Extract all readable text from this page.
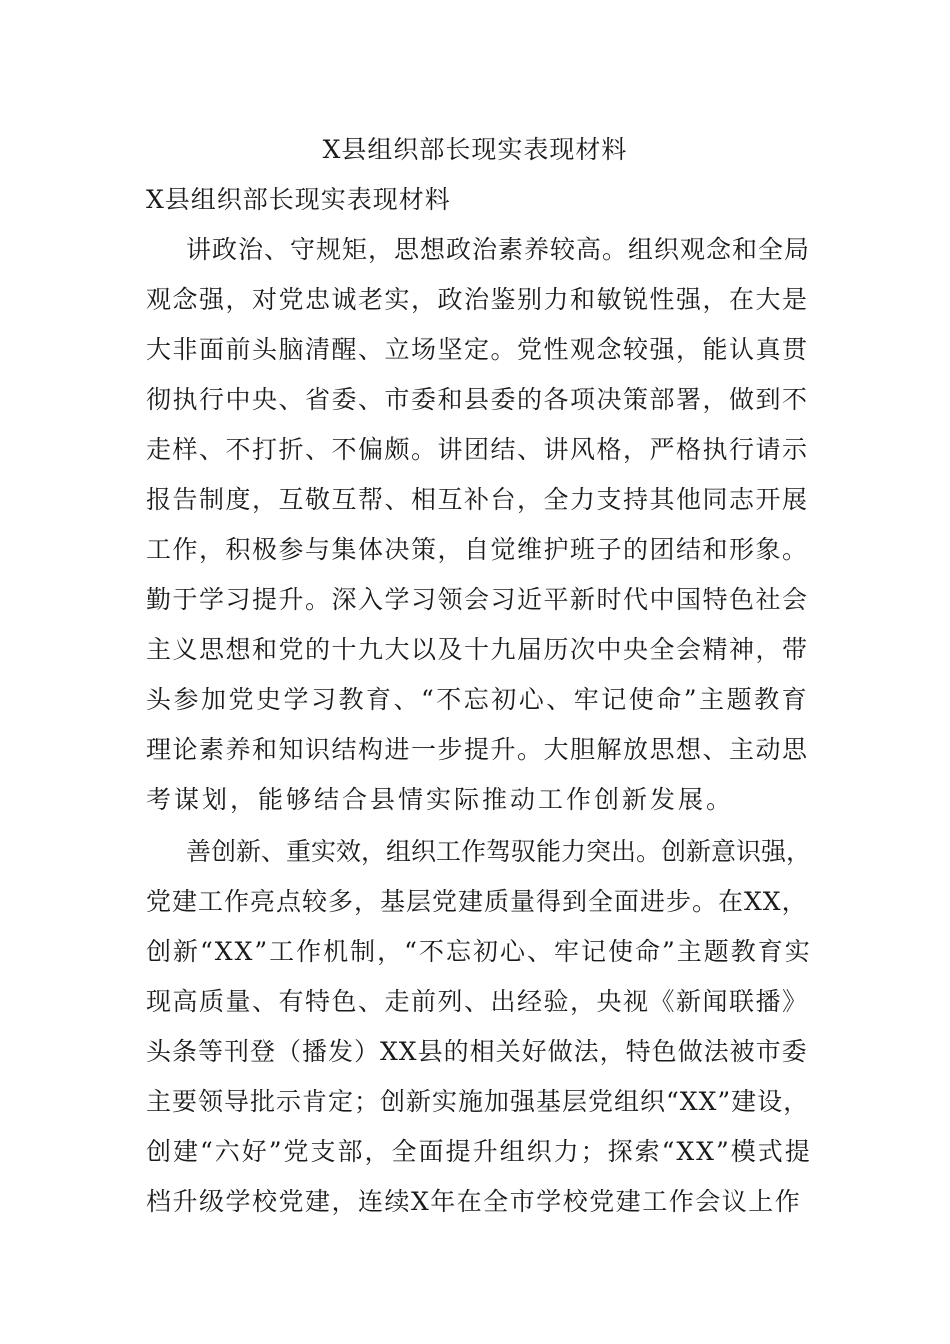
X县组织部长现实表现材料
X县组织部长现实表现材料
讲政治、守规矩，思想政治素养较高。组织观念和全局
观念强，对党忠诚老实，政治鉴别力和敏锐性强，在大是
大非面前头脑清醒、立场坚定。党性观念较强，能认真贯
彻执行中央、省委、市委和县委的各项决策部署，做到不
走样、不打折、不偏颇。讲团结、讲风格，严格执行请示
报告制度，互敬互帮、相互补台，全力支持其他同志开展
工作，积极参与集体决策，自觉维护班子的团结和形象。
勤于学习提升。深入学习领会习近平新时代中国特色社会
主义思想和党的十九大以及十九届历次中央全会精神，带
头参加党史学习教育、“不忘初心、牢记使命”主题教育
理论素养和知识结构进一步提升。大胆解放思想、主动思
考谋划，能够结合县情实际推动工作创新发展。
善创新、重实效，组织工作驾驭能力突出。创新意识强，
党建工作亮点较多，基层党建质量得到全面进步。在XX，
创新“XX”工作机制，“不忘初心、牢记使命”主题教育实
现高质量、有特色、走前列、出经验，央视《新闻联播》
头条等刊登（播发）XX县的相关好做法，特色做法被市委
主要领导批示肯定；创新实施加强基层党组织“XX”建设，
创建“六好”党支部，全面提升组织力；探索“XX”模式提
档升级学校党建，连续X年在全市学校党建工作会议上作
